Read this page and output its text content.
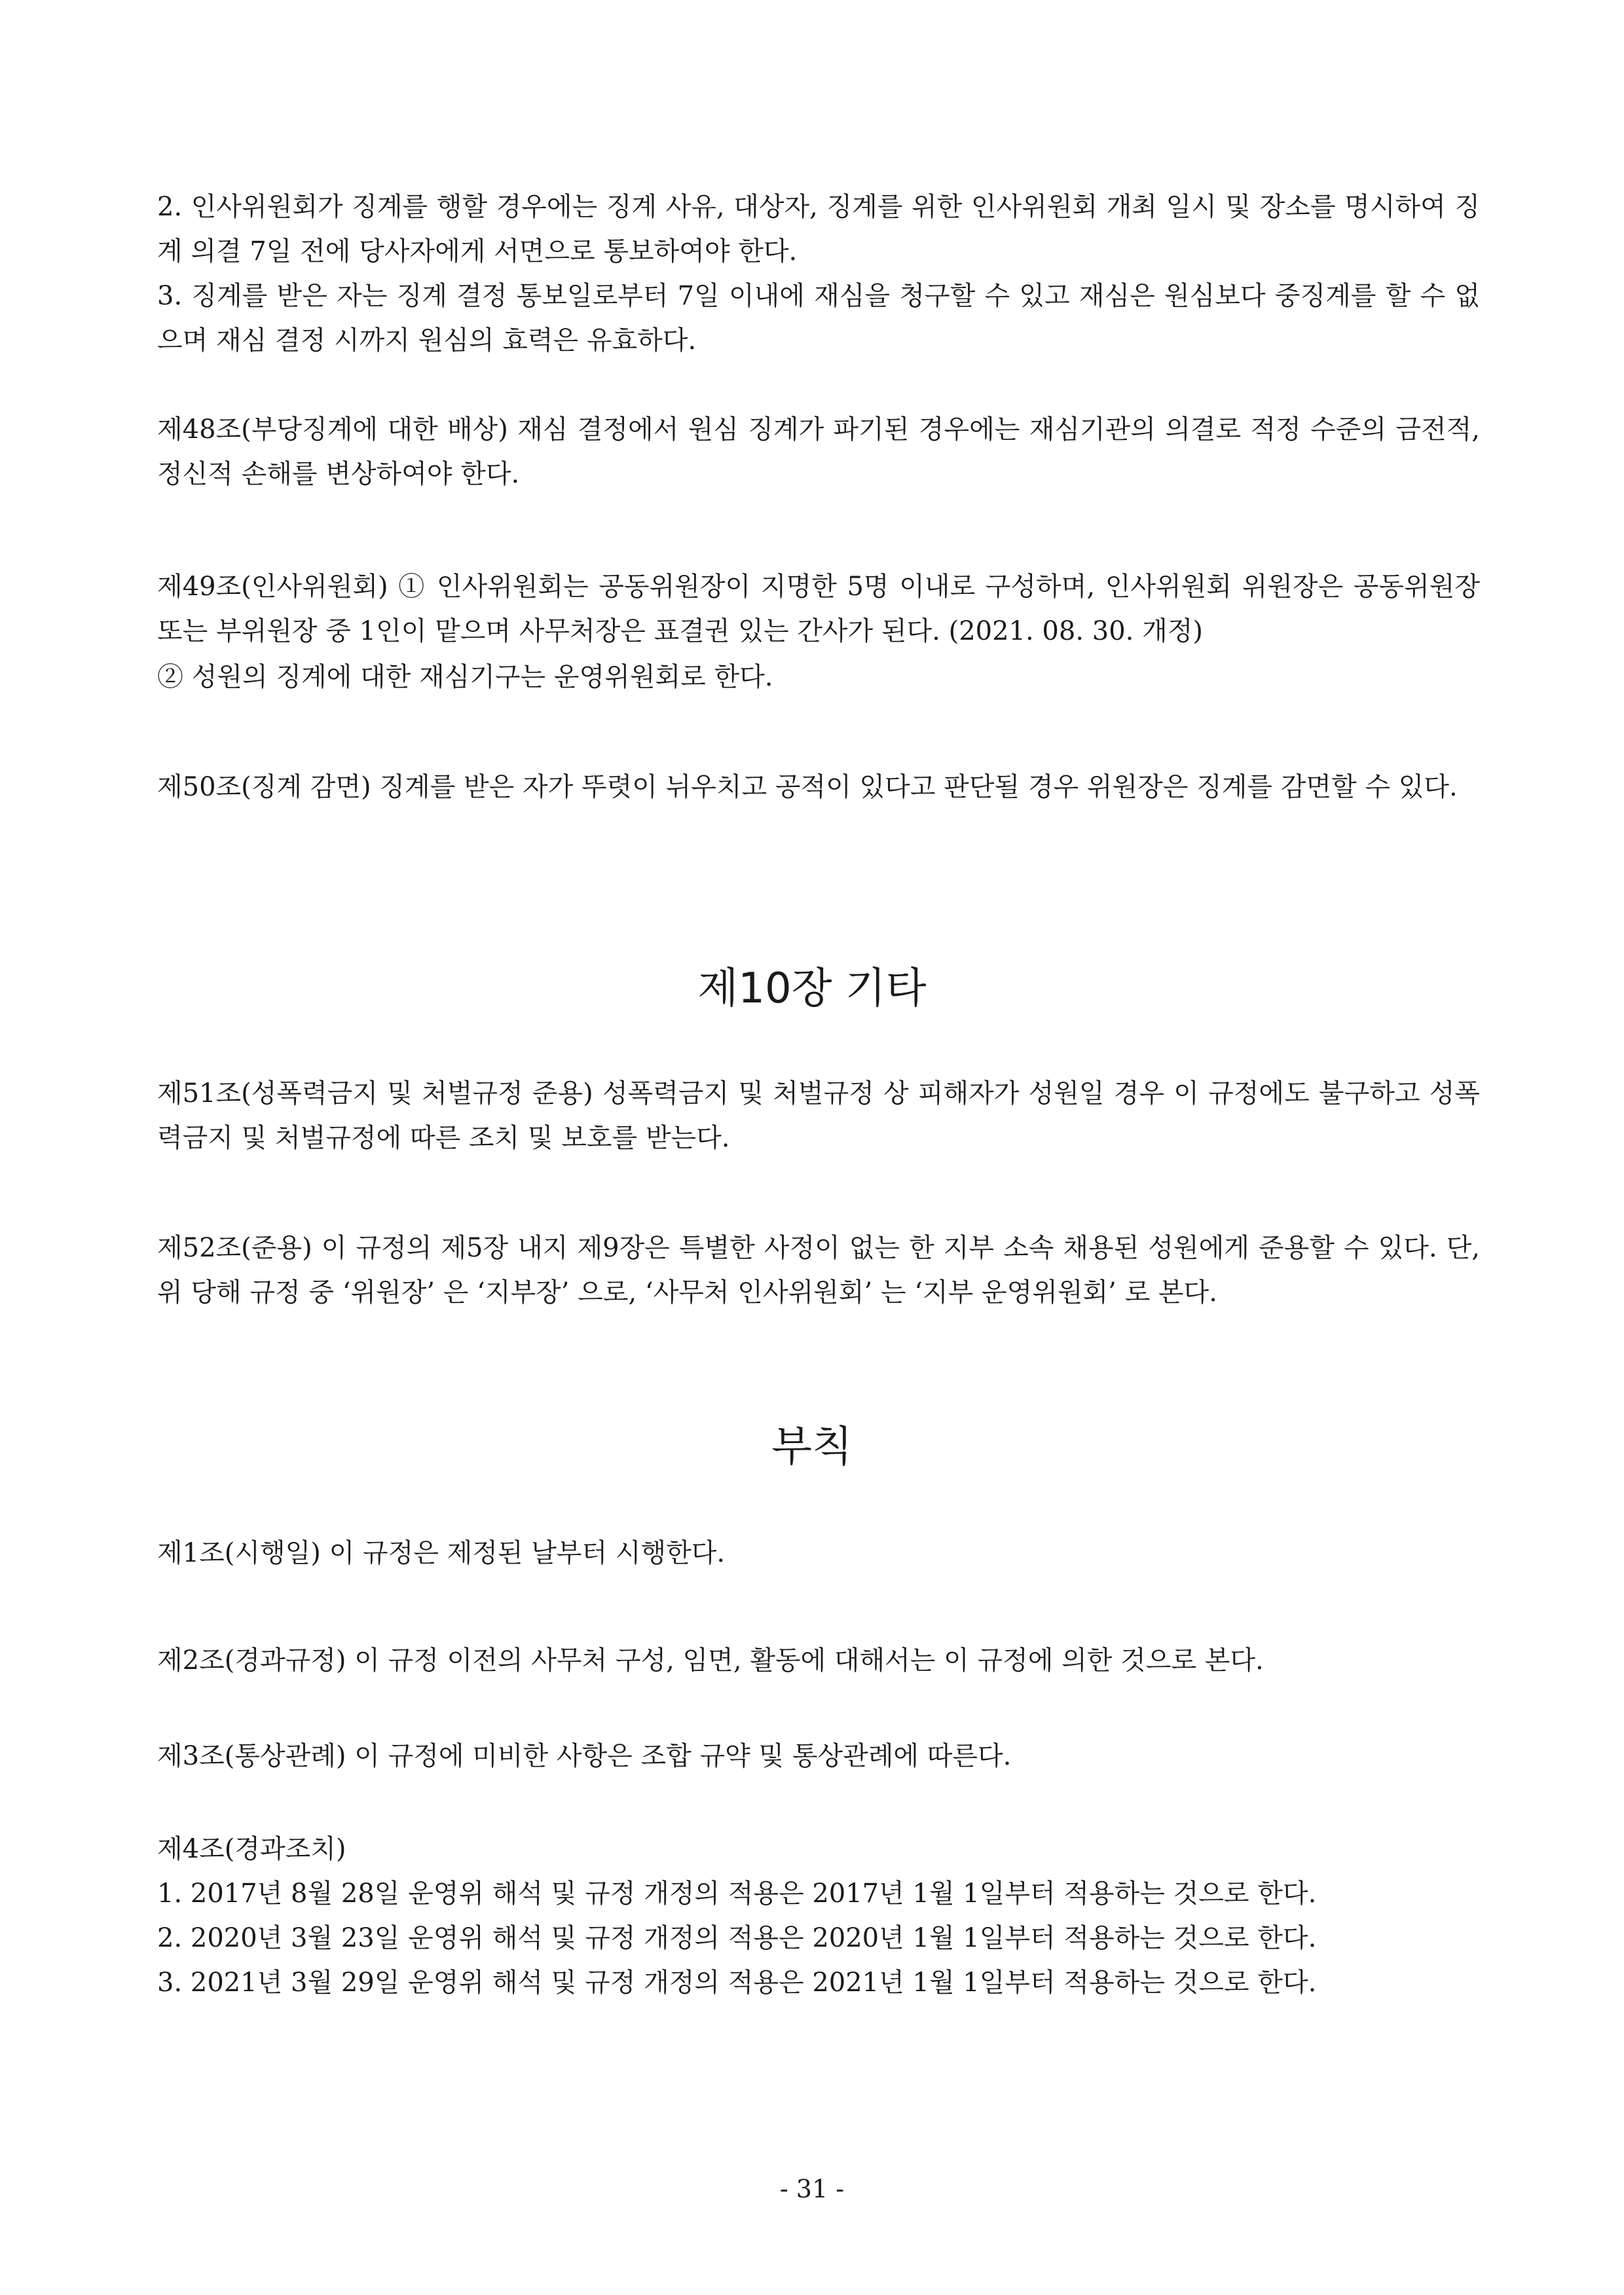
2. 인사위원회가 징계를 행할 경우에는 징계 사유, 대상자, 징계를 위한 인사위원회 개최 일시 및 장소를 명시하여 징계 의결 7일 전에 당사자에게 서면으로 통보하여야 한다.

3. 징계를 받은 자는 징계 결정 통보일로부터 7일 이내에 재심을 청구할 수 있고 재심은 원심보다 중징계를 할 수 없으며 재심 결정 시까지 원심의 효력은 유효하다.

제48조(부당징계에 대한 배상) 재심 결정에서 원심 징계가 파기된 경우에는 재심기관의 의결로 적정 수준의 금전적, 정신적 손해를 변상하여야 한다.

제49조(인사위원회) ① 인사위원회는 공동위원장이 지명한 5명 이내로 구성하며, 인사위원회 위원장은 공동위원장 또는 부위원장 중 1인이 맡으며 사무처장은 표결권 있는 간사가 된다. (2021. 08. 30. 개정)

② 성원의 징계에 대한 재심기구는 운영위원회로 한다.

제50조(징계 감면) 징계를 받은 자가 뚜렷이 뉘우치고 공적이 있다고 판단될 경우 위원장은 징계를 감면할 수 있다.

제10장 기타

제51조(성폭력금지 및 처벌규정 준용) 성폭력금지 및 처벌규정 상 피해자가 성원일 경우 이 규정에도 불구하고 성폭력금지 및 처벌규정에 따른 조치 및 보호를 받는다.

제52조(준용) 이 규정의 제5장 내지 제9장은 특별한 사정이 없는 한 지부 소속 채용된 성원에게 준용할 수 있다. 단, 위 당해 규정 중 ‘위원장’ 은 ‘지부장’ 으로, ‘사무처 인사위원회’ 는 ‘지부 운영위원회’ 로 본다.

부칙

제1조(시행일) 이 규정은 제정된 날부터 시행한다.

제2조(경과규정) 이 규정 이전의 사무처 구성, 임면, 활동에 대해서는 이 규정에 의한 것으로 본다.

제3조(통상관례) 이 규정에 미비한 사항은 조합 규약 및 통상관례에 따른다.

제4조(경과조치)
1. 2017년 8월 28일 운영위 해석 및 규정 개정의 적용은 2017년 1월 1일부터 적용하는 것으로 한다.
2. 2020년 3월 23일 운영위 해석 및 규정 개정의 적용은 2020년 1월 1일부터 적용하는 것으로 한다.
3. 2021년 3월 29일 운영위 해석 및 규정 개정의 적용은 2021년 1월 1일부터 적용하는 것으로 한다.
- 31 -
